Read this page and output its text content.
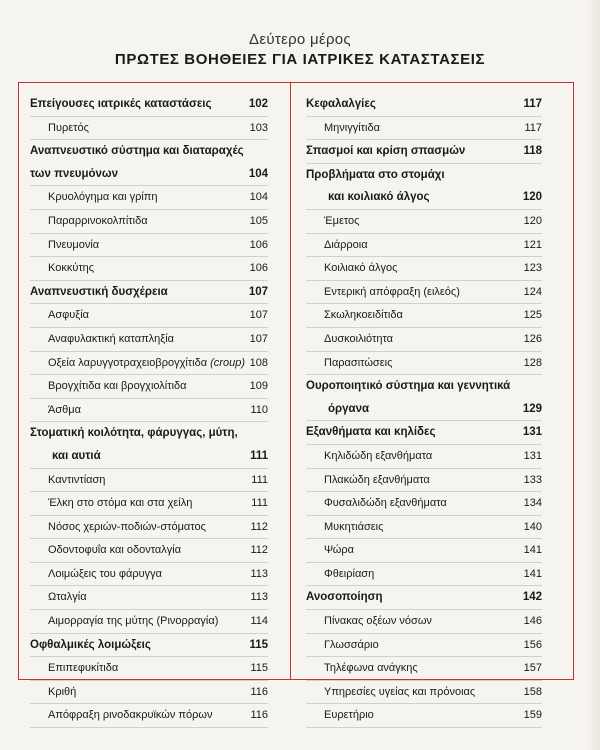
Δεύτερο μέρος
ΠΡΩΤΕΣ ΒΟΗΘΕΙΕΣ ΓΙΑ ΙΑΤΡΙΚΕΣ ΚΑΤΑΣΤΑΣΕΙΣ
Επείγουσες ιατρικές καταστάσεις	102
Πυρετός	103
Αναπνευστικό σύστημα και διαταραχές
των πνευμόνων	104
Κρυολόγημα και γρίπη	104
Παραρρινοκολπίτιδα	105
Πνευμονία	106
Κοκκύτης	106
Αναπνευστική δυσχέρεια	107
Ασφυξία	107
Αναφυλακτική καταπληξία	107
Οξεία λαρυγγοτραχειοβρογχίτιδα (croup) 108
Βρογχίτιδα και βρογχιολίτιδα	109
Άσθμα	110
Στοματική κοιλότητα, φάρυγγας, μύτη,
και αυτιά	111
Καντιντίαση	111
Έλκη στο στόμα και στα χείλη	111
Νόσος χεριών-ποδιών-στόματος	112
Οδοντοφυΐα και οδονταλγία	112
Λοιμώξεις του φάρυγγα	113
Ωταλγία	113
Αιμορραγία της μύτης (Ρινορραγία)	114
Οφθαλμικές λοιμώξεις	115
Επιπεφυκίτιδα	115
Κριθή	116
Απόφραξη ρινοδακρυϊκών πόρων	116
Κεφαλαλγίες	117
Μηνιγγίτιδα	117
Σπασμοί και κρίση σπασμών	118
Προβλήματα στο στομάχι
και κοιλιακό άλγος	120
Έμετος	120
Διάρροια	121
Κοιλιακό άλγος	123
Εντερική απόφραξη (ειλεός)	124
Σκωληκοειδίτιδα	125
Δυσκοιλιότητα	126
Παρασιτώσεις	128
Ουροποιητικό σύστημα και γεννητικά
όργανα	129
Εξανθήματα και κηλίδες	131
Κηλιδώδη εξανθήματα	131
Πλακώδη εξανθήματα	133
Φυσαλιδώδη εξανθήματα	134
Μυκητιάσεις	140
Ψώρα	141
Φθειρίαση	141
Ανοσοποίηση	142
Πίνακας οξέων νόσων	146
Γλωσσάριο	156
Τηλέφωνα ανάγκης	157
Υπηρεσίες υγείας και πρόνοιας	158
Ευρετήριο	159
